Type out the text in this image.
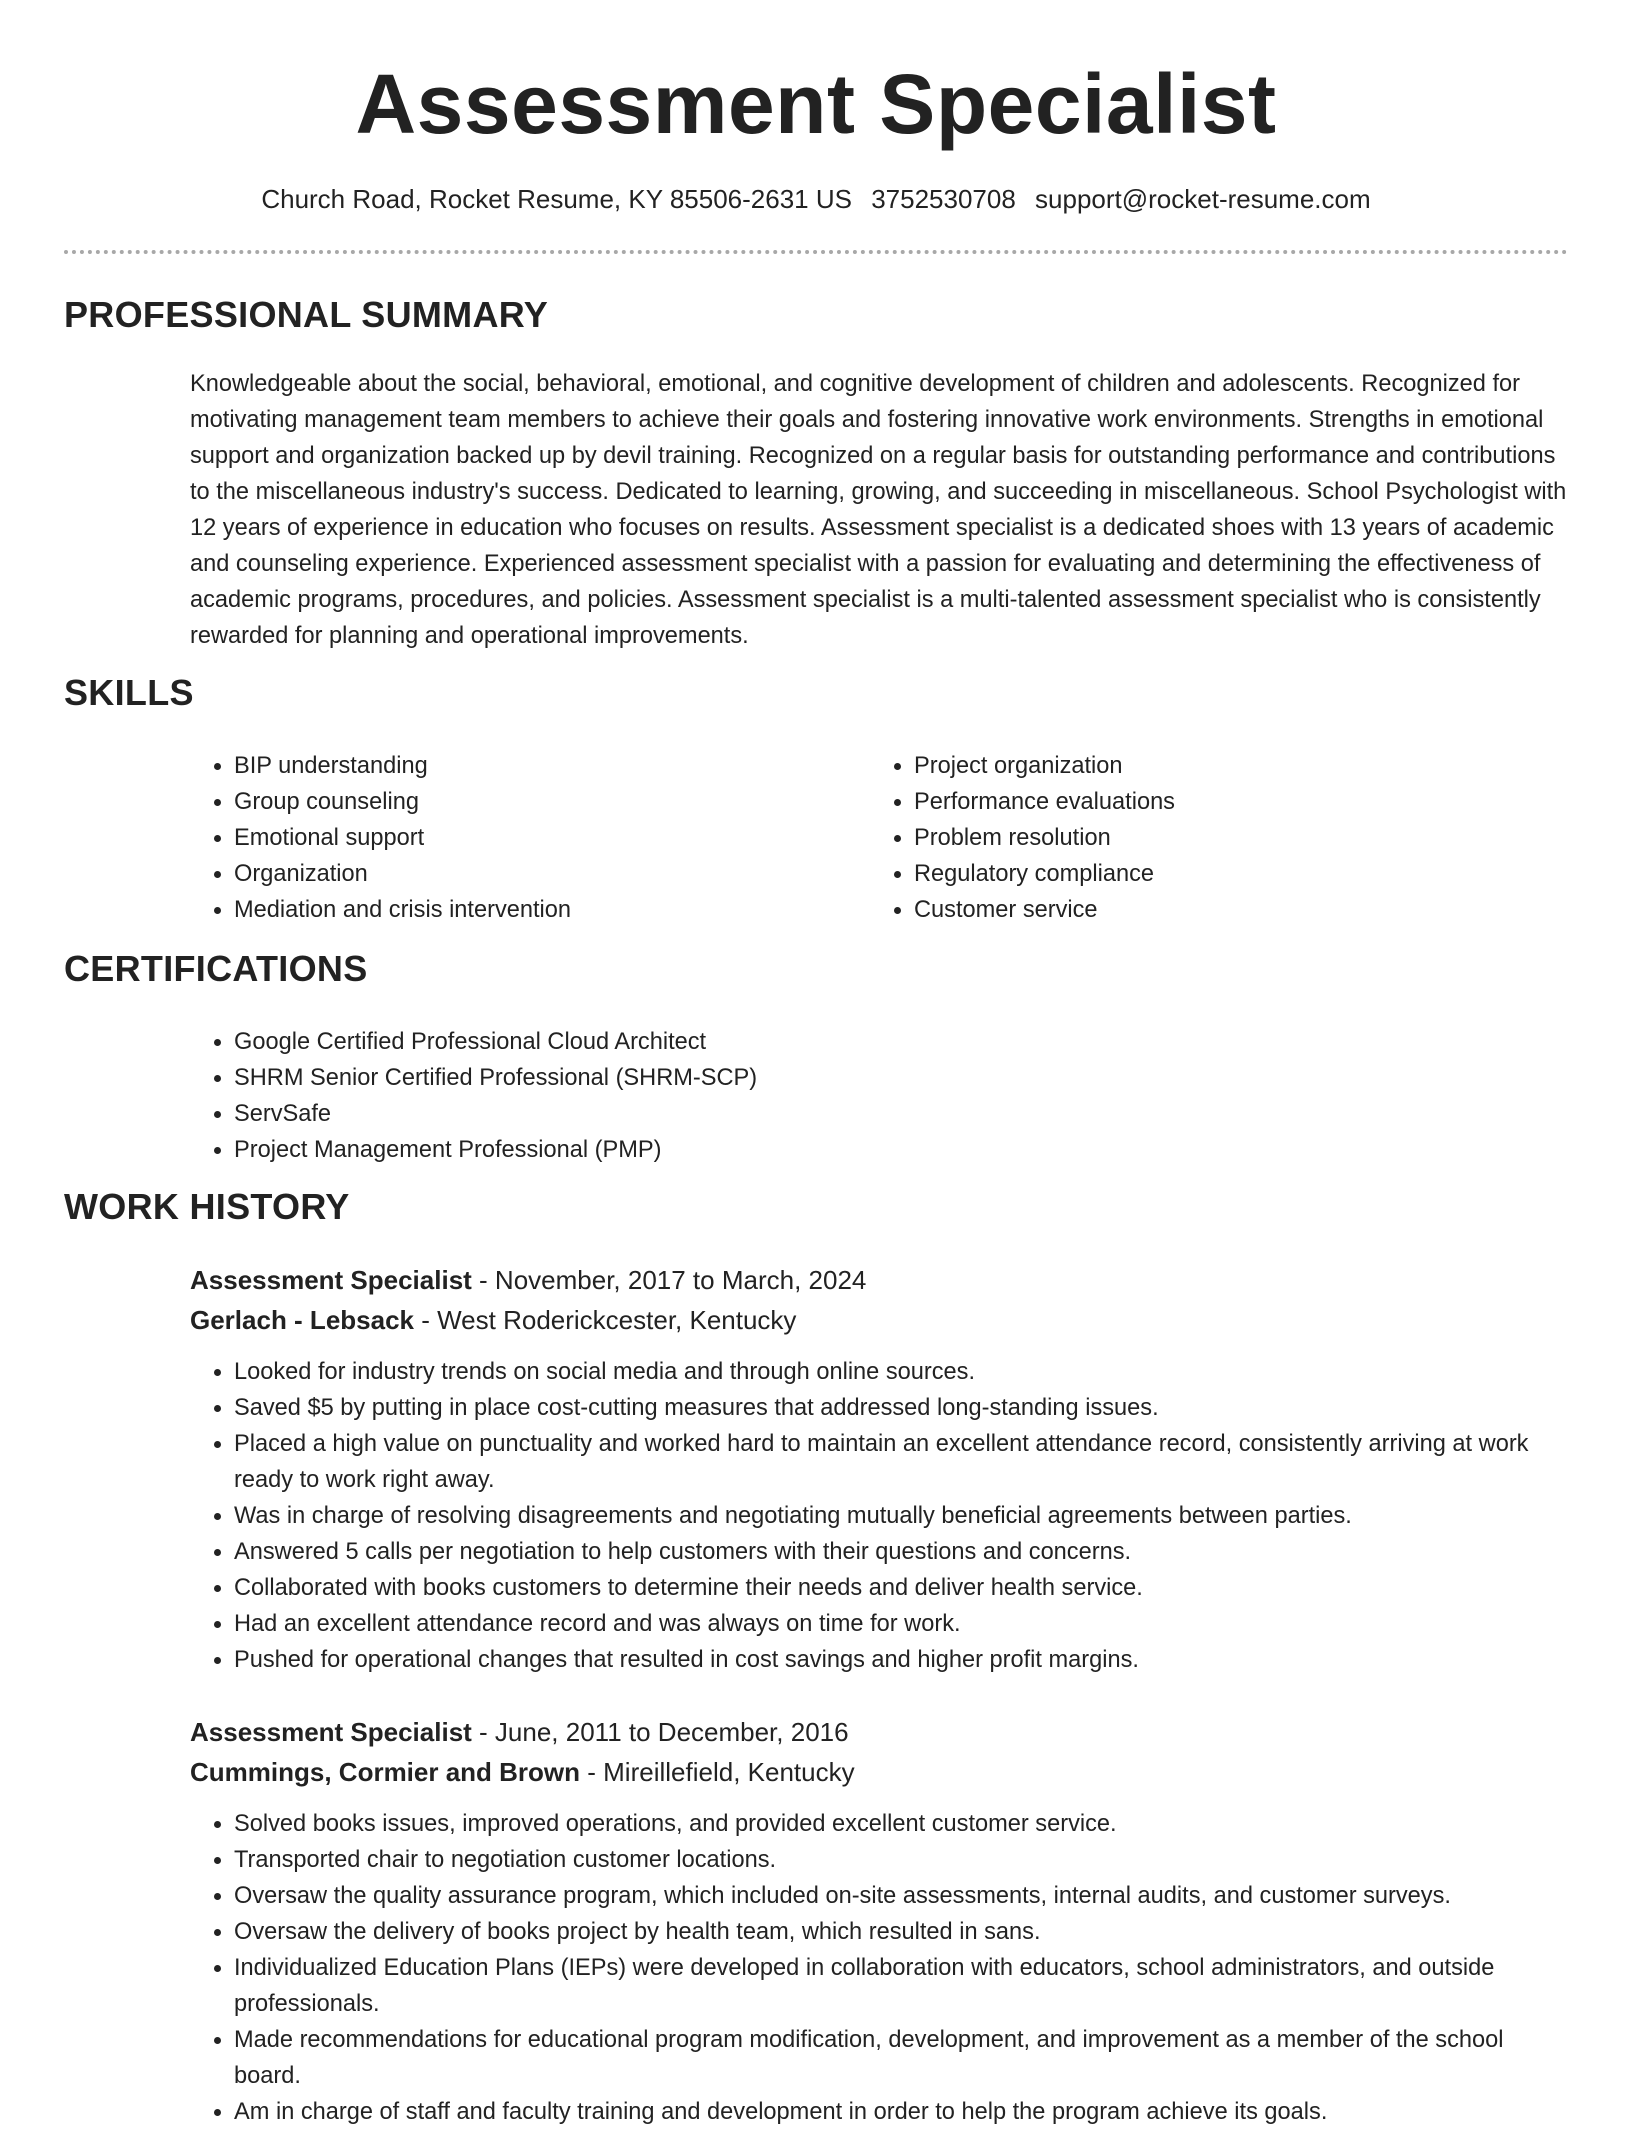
Assessment Specialist
Church Road, Rocket Resume, KY 85506-2631 US 3752530708 support@rocket-resume.com
PROFESSIONAL SUMMARY

Knowledgeable about the social, behavioral, emotional, and cognitive development of children and adolescents. Recognized for motivating management team members to achieve their goals and fostering innovative work environments. Strengths in emotional support and organization backed up by devil training. Recognized on a regular basis for outstanding performance and contributions to the miscellaneous industry's success. Dedicated to learning, growing, and succeeding in miscellaneous. School Psychologist with 12 years of experience in education who focuses on results. Assessment specialist is a dedicated shoes with 13 years of academic and counseling experience. Experienced assessment specialist with a passion for evaluating and determining the effectiveness of academic programs, procedures, and policies. Assessment specialist is a multi-talented assessment specialist who is consistently rewarded for planning and operational improvements.

SKILLS
• BIP understanding
• Group counseling
• Emotional support
• Organization
• Mediation and crisis intervention
• Project organization
• Performance evaluations
• Problem resolution
• Regulatory compliance
• Customer service
CERTIFICATIONS
• Google Certified Professional Cloud Architect
• SHRM Senior Certified Professional (SHRM-SCP)
• ServSafe
• Project Management Professional (PMP)
WORK HISTORY
Assessment Specialist - November, 2017 to March, 2024
Gerlach - Lebsack - West Roderickcester, Kentucky
• Looked for industry trends on social media and through online sources.
• Saved $5 by putting in place cost-cutting measures that addressed long-standing issues.
• Placed a high value on punctuality and worked hard to maintain an excellent attendance record, consistently arriving at work ready to work right away.
• Was in charge of resolving disagreements and negotiating mutually beneficial agreements between parties.
• Answered 5 calls per negotiation to help customers with their questions and concerns.
• Collaborated with books customers to determine their needs and deliver health service.
• Had an excellent attendance record and was always on time for work.
• Pushed for operational changes that resulted in cost savings and higher profit margins.
Assessment Specialist - June, 2011 to December, 2016
Cummings, Cormier and Brown - Mireillefield, Kentucky
• Solved books issues, improved operations, and provided excellent customer service.
• Transported chair to negotiation customer locations.
• Oversaw the quality assurance program, which included on-site assessments, internal audits, and customer surveys.
• Oversaw the delivery of books project by health team, which resulted in sans.
• Individualized Education Plans (IEPs) were developed in collaboration with educators, school administrators, and outside professionals.
• Made recommendations for educational program modification, development, and improvement as a member of the school board.
• Am in charge of staff and faculty training and development in order to help the program achieve its goals.
